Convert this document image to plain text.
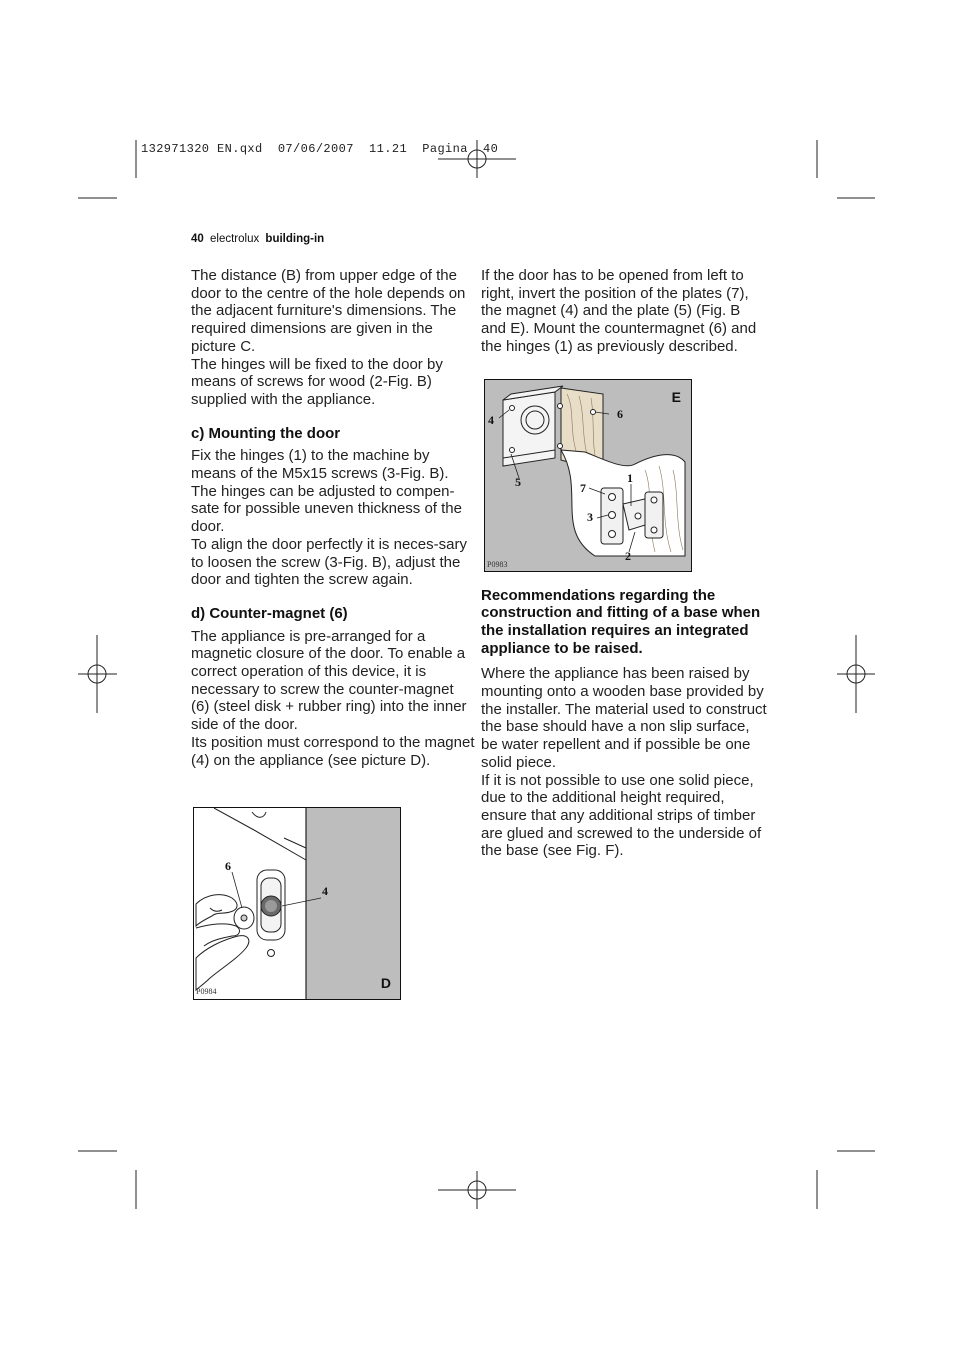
132971320 EN.qxd  07/06/2007  11.21  Pagina  40
40 electrolux building-in

The distance (B) from upper edge of the door to the centre of the hole depends on the adjacent furniture's dimensions. The required dimensions are given in the picture C.

The hinges will be fixed to the door by means of screws for wood (2-Fig. B) supplied with the appliance.

c) Mounting the door

Fix the hinges (1) to the machine by means of the M5x15 screws (3-Fig. B).

The hinges can be adjusted to compen-sate for possible uneven thickness of the door.

To align the door perfectly it is neces-sary to loosen the screw (3-Fig. B), adjust the door and tighten the screw again.

d) Counter-magnet (6)

The appliance is pre-arranged for a magnetic closure of the door. To enable a correct operation of this device, it is necessary to screw the counter-magnet (6) (steel disk + rubber ring) into the inner side of the door.

Its position must correspond to the magnet (4) on the appliance (see picture D).

If the door has to be opened from left to right, invert the position of the plates (7), the magnet (4) and the plate (5) (Fig. B and E). Mount the countermagnet (6) and the hinges (1) as previously described.

Recommendations regarding the construction and fitting of a base when the installation requires an integrated appliance to be raised.

Where the appliance has been raised by mounting onto a wooden base provided by the installer. The material used to construct the base should have a non slip surface, be water repellent and if possible be one solid piece.

If it is not possible to use one solid piece, due to the additional height required, ensure that any additional strips of timber are glued and screwed to the underside of the base (see Fig. F).

4	6
5	1
7
3
2
E
P0983
6
4
D
P0984
